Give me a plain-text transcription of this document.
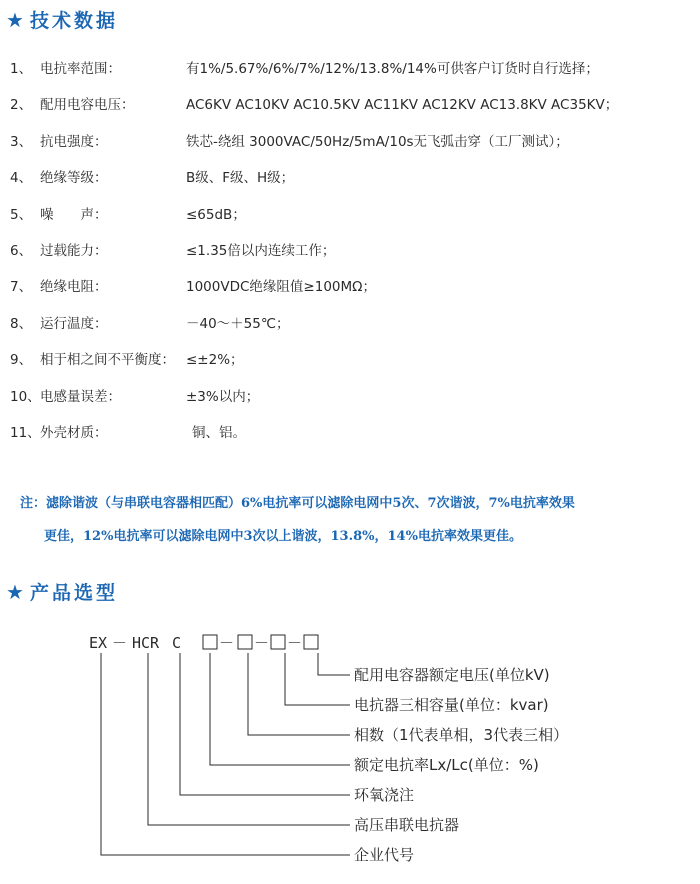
★ 技术数据
1、 电抗率范围：	有1%/5.67%/6%/7%/12%/13.8%/14%可供客户订货时自行选择；
2、 配用电容电压：	AC6KV AC10KV AC10.5KV AC11KV AC12KV AC13.8KV AC35KV；
3、 抗电强度：	铁芯-绕组 3000VAC/50Hz/5mA/10s无飞弧击穿（工厂测试）；
4、 绝缘等级：	B级、F级、H级；
5、 噪　　声：	≤65dB；
6、 过载能力：	≤1.35倍以内连续工作；
7、 绝缘电阻：	1000VDC绝缘阻值≥100MΩ；
8、 运行温度：	－40～＋55℃；
9、 相于相之间不平衡度： ≤±2%；
10、 电感量误差：	±3%以内；
11、 外壳材质：	铜、铝。
注：滤除谐波（与串联电容器相匹配）6%电抗率可以滤除电网中5次、7次谐波，7%电抗率效果
更佳，12%电抗率可以滤除电网中3次以上谐波，13.8%，14%电抗率效果更佳。
★ 产品选型
EX － HCR C	－ － －
配用电容器额定电压(单位kV)
电抗器三相容量(单位：kvar)
相数（1代表单相，3代表三相）
额定电抗率Lx/Lc(单位：%)
环氧浇注
高压串联电抗器
企业代号
